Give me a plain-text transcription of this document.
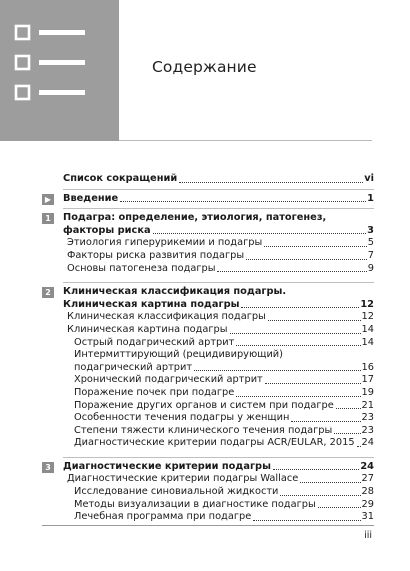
Содержание
Список сокращений	vi
▶ Введение	1
1	Подагра: определение, этиология, патогенез,
факторы риска	3
Этиология гиперурикемии и подагры	5
Факторы риска развития подагры	7
Основы патогенеза подагры	9
2	Клиническая классификация подагры.
Клиническая картина подагры	12
Клиническая классификация подагры	12
Клиническая картина подагры	14
Острый подагрический артрит	14
Интермиттирующий (рецидивирующий)
подагрический артрит	16
Хронический подагрический артрит	17
Поражение почек при подагре	19
Поражение других органов и систем при подагре	21
Особенности течения подагры у женщин	23
Степени тяжести клинического течения подагры	23
Диагностические критерии подагры ACR/EULAR, 2015 24
3	Диагностические критерии подагры	24
Диагностические критерии подагры Wallace	27
Исследование синовиальной жидкости	28
Методы визуализации в диагностике подагры	29
Лечебная программа при подагре	31
iii
